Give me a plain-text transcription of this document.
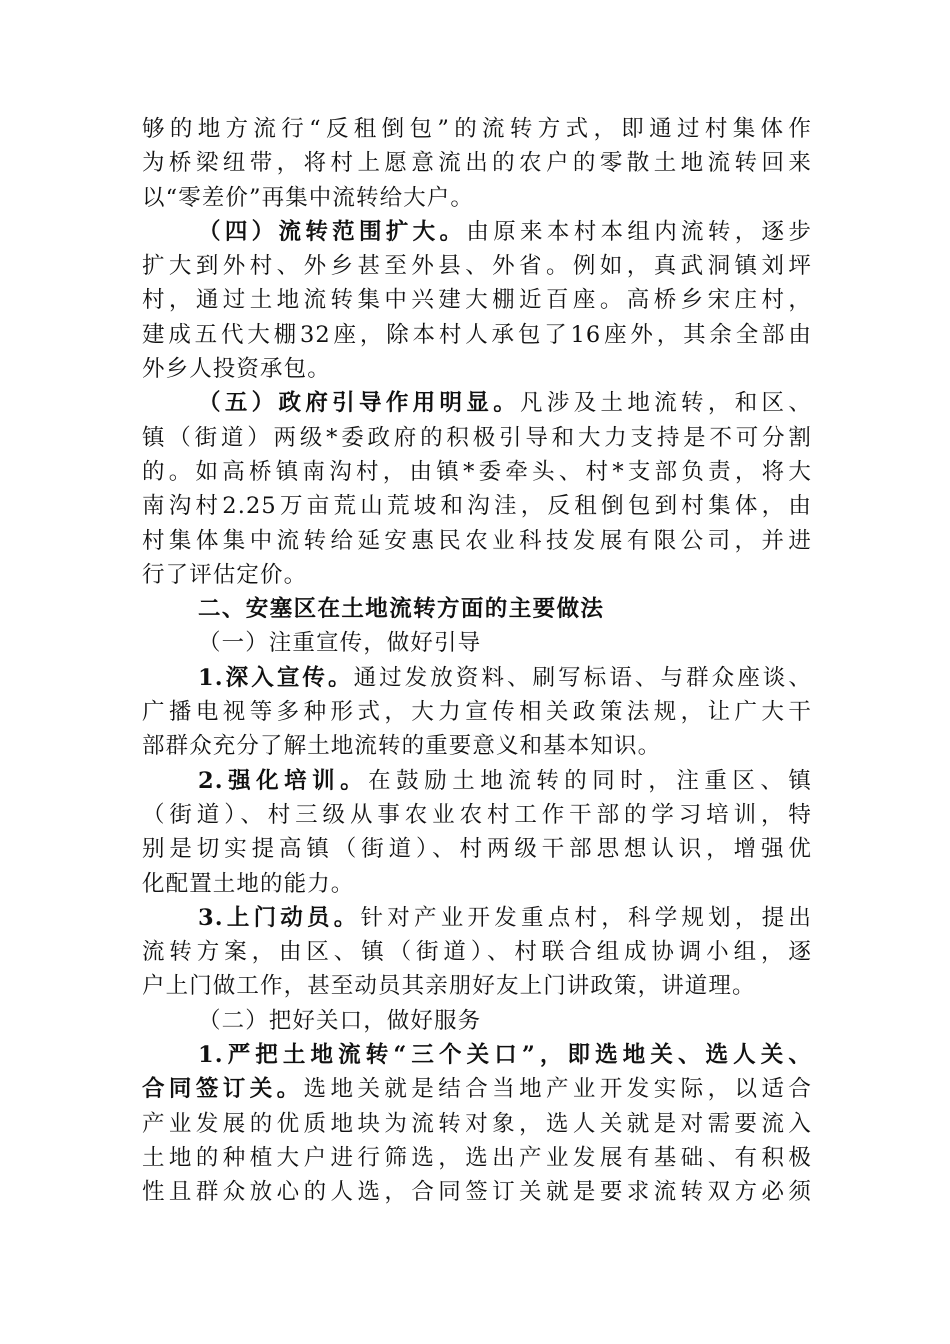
够的地方流行“反租倒包”的流转方式，即通过村集体作
为桥梁纽带，将村上愿意流出的农户的零散土地流转回来
以“零差价”再集中流转给大户。
（四）流转范围扩大。由原来本村本组内流转，逐步
扩大到外村、外乡甚至外县、外省。例如，真武洞镇刘坪
村，通过土地流转集中兴建大棚近百座。高桥乡宋庄村，
建成五代大棚32座，除本村人承包了16座外，其余全部由
外乡人投资承包。
（五）政府引导作用明显。凡涉及土地流转，和区、
镇（街道）两级*委政府的积极引导和大力支持是不可分割
的。如高桥镇南沟村，由镇*委牵头、村*支部负责，将大
南沟村2.25万亩荒山荒坡和沟洼，反租倒包到村集体，由
村集体集中流转给延安惠民农业科技发展有限公司，并进
行了评估定价。
二、安塞区在土地流转方面的主要做法
（一）注重宣传，做好引导
1.深入宣传。通过发放资料、刷写标语、与群众座谈、
广播电视等多种形式，大力宣传相关政策法规，让广大干
部群众充分了解土地流转的重要意义和基本知识。
2.强化培训。在鼓励土地流转的同时，注重区、镇
（街道）、村三级从事农业农村工作干部的学习培训，特
别是切实提高镇（街道）、村两级干部思想认识，增强优
化配置土地的能力。
3.上门动员。针对产业开发重点村，科学规划，提出
流转方案，由区、镇（街道）、村联合组成协调小组，逐
户上门做工作，甚至动员其亲朋好友上门讲政策，讲道理。
（二）把好关口，做好服务
1.严把土地流转“三个关口”，即选地关、选人关、
合同签订关。选地关就是结合当地产业开发实际，以适合
产业发展的优质地块为流转对象，选人关就是对需要流入
土地的种植大户进行筛选，选出产业发展有基础、有积极
性且群众放心的人选，合同签订关就是要求流转双方必须
